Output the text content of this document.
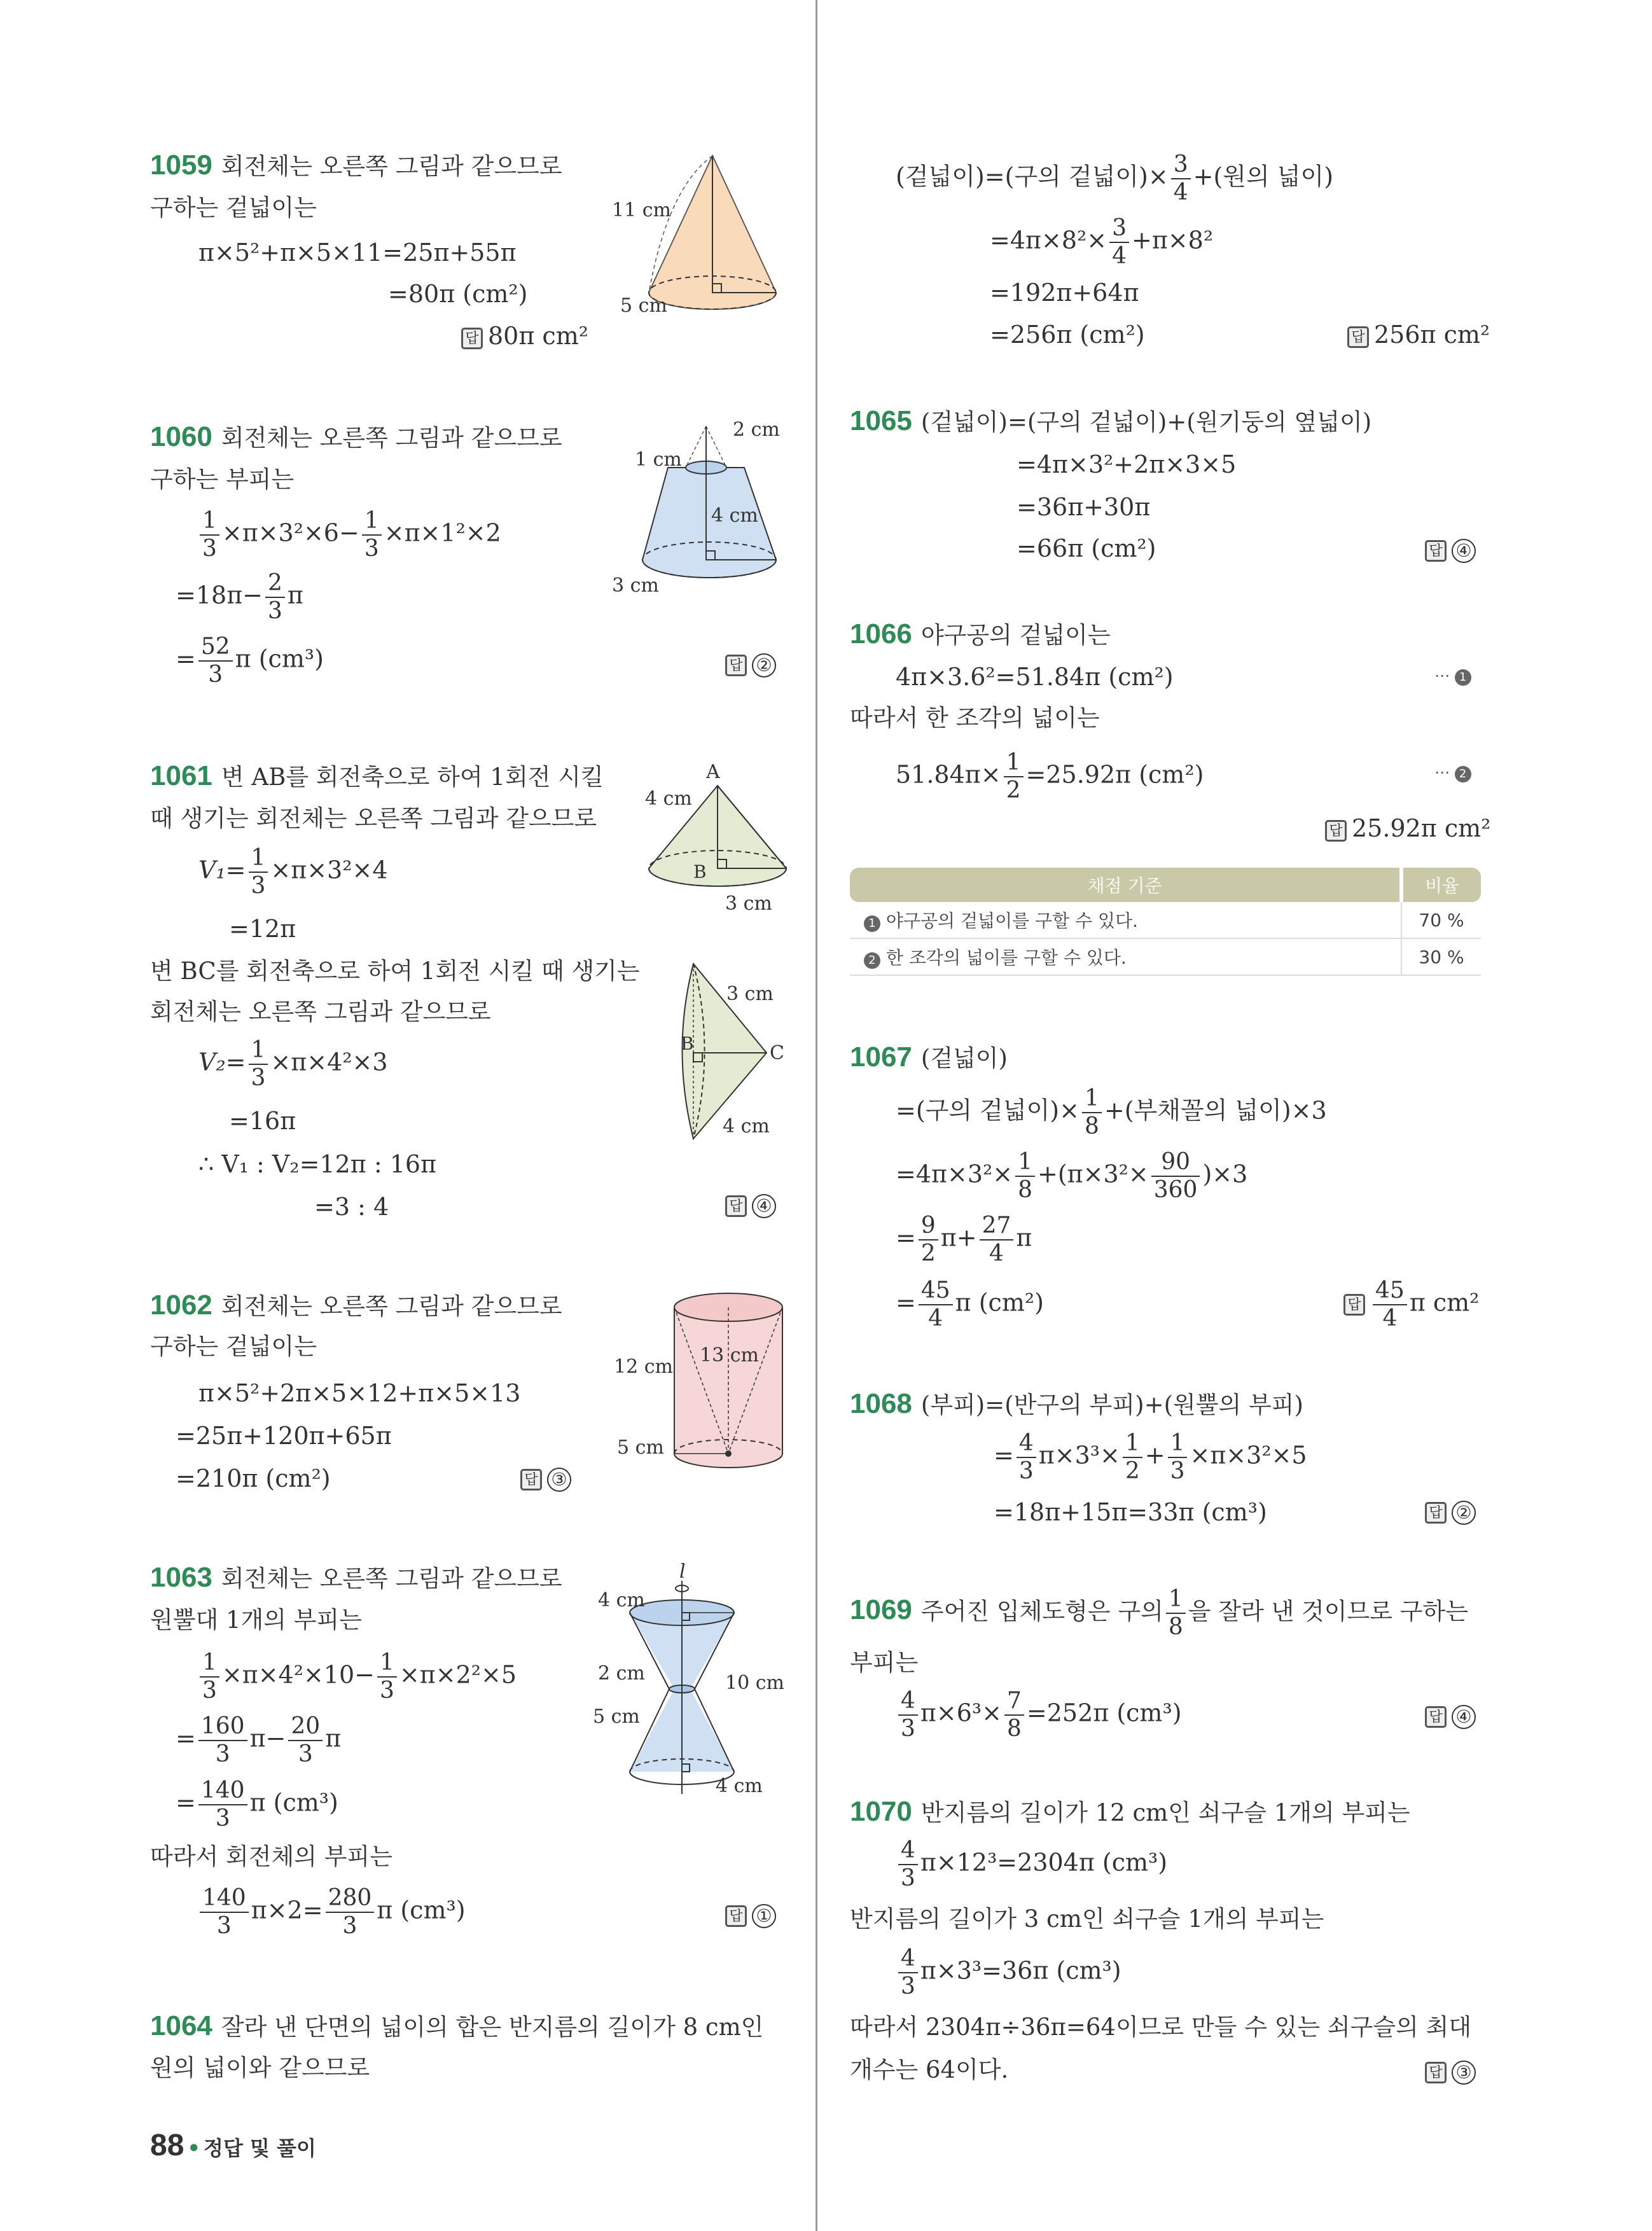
1059 회전체는 오른쪽 그림과 같으므로
구하는 겉넓이는
π×5²+π×5×11=25π+55π
=80π (cm²)
답 80π cm²
11 cm
5 cm
1060 회전체는 오른쪽 그림과 같으므로
구하는 부피는
$\frac{1}{3} \times\pi\times 3^2\times 6- \frac{1}{3} \times\pi\times 1^2\times 2$
$=18\pi- \frac{2}{3}$ π
= $\frac{52}{3}$ π (cm³)	답 ②
2 cm
1 cm
4 cm
3 cm
1061 변 AB를 회전축으로 하여 1회전 시킬
때 생기는 회전체는 오른쪽 그림과 같으므로
$V_1= \frac{1}{3} \times\pi\times 3^2\times 4$
=12π
변 BC를 회전축으로 하여 1회전 시킬 때 생기는
회전체는 오른쪽 그림과 같으므로
$V_2= \frac{1}{3} \times\pi\times 4^2\times 3$
=16π
∴ V₁ : V₂=12π : 16π
=3 : 4	답 ④
A
B
4 cm
3 cm
B	C
3 cm
4 cm
1062 회전체는 오른쪽 그림과 같으므로
구하는 겉넓이는
π×5²+2π×5×12+π×5×13
=25π+120π+65π
=210π (cm²)	답 ③
12 cm
13 cm
5 cm
1063 회전체는 오른쪽 그림과 같으므로
원뿔대 1개의 부피는
$\frac{1}{3} \times\pi\times 4^2\times 10- \frac{1}{3} \times\pi\times 2^2\times 5$
= $\frac{160}{3} \pi- \frac{20}{3}$ π
= $\frac{140}{3}$ π (cm³)
따라서 회전체의 부피는
$\frac{140}{3} \pi\times 2= \frac{280}{3}$ π (cm³)	답 ①
l
4 cm
2 cm
5 cm
10 cm
4 cm
1064 잘라 낸 단면의 넓이의 합은 반지름의 길이가 8 cm인
원의 넓이와 같으므로
88 • 정답 및 풀이
(겉넓이)=(구의 겉넓이)× $\frac{3}{4}$ +(원의 넓이)
$=4\pi\times 8^2\times \frac{3}{4} +\pi\times 8^2$
=192π+64π
=256π (cm²)	답 256π cm²
1065 (겉넓이)=(구의 겉넓이)+(원기둥의 옆넓이)
=4π×3²+2π×3×5
=36π+30π
=66π (cm²)	답 ④
1066 야구공의 겉넓이는
4π×3.6²=51.84π (cm²)	⋯ 1
따라서 한 조각의 넓이는
$51.84\pi\times \frac{1}{2} =25.92\pi$ (cm²)	⋯ 2
답 25.92π cm²
채점 기준	비율
1 야구공의 겉넓이를 구할 수 있다.	70 %
2 한 조각의 넓이를 구할 수 있다.	30 %
1067 (겉넓이)
=(구의 겉넓이)× $\frac{1}{8}$ +(부채꼴의 넓이)×3
$=4\pi\times 3^2\times \frac{1}{8} +(\pi\times 3^2\times \frac{90}{360} )\times 3$
= $\frac{9}{2} \pi+ \frac{27}{4}$ π
= $\frac{45}{4}$ π (cm²)	답 $\frac{45}{4}$ π cm²
1068 (부피)=(반구의 부피)+(원뿔의 부피)
= $\frac{4}{3} \pi\times 3^3\times \frac{1}{2} + \frac{1}{3} \times\pi\times 3^2\times 5$
=18π+15π=33π (cm³)	답 ②
1069 주어진 입체도형은 구의 $\frac{1}{8}$ 을 잘라 낸 것이므로 구하는
부피는
$\frac{4}{3} \pi\times 6^3\times \frac{7}{8} =252\pi$ (cm³)	답 ④
1070 반지름의 길이가 12 cm인 쇠구슬 1개의 부피는
$\frac{4}{3} \pi\times 12^3=2304\pi$ (cm³)
반지름의 길이가 3 cm인 쇠구슬 1개의 부피는
$\frac{4}{3} \pi\times 3^3=36\pi$ (cm³)
따라서 2304π÷36π=64이므로 만들 수 있는 쇠구슬의 최대
개수는 64이다.	답 ③
